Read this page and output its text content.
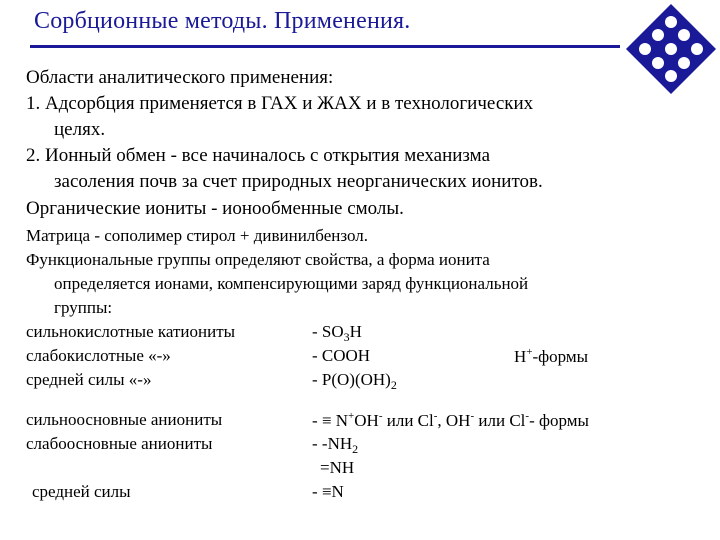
Сорбционные методы. Применения.
Области аналитического применения:
1. Адсорбция применяется в ГАХ и ЖАХ и в технологических
целях.
2. Ионный обмен - все начиналось с открытия механизма
засоления почв за счет природных неорганических ионитов.
Органические иониты - ионообменные смолы.
Матрица - сополимер стирол + дивинилбензол.
Функциональные группы определяют свойства, а форма ионита
определяется ионами, компенсирующими заряд функциональной
группы:
сильнокислотные катиониты	- $SO_3H$
слабокислотные «-»	- COOH	H+-формы
средней силы «-»	- $P(O)(OH)_2$
сильноосновные аниониты	- ≡ N+OH- или Cl-, OH- или Cl-- формы
слабоосновные аниониты	- $-NH_2$
=NH
средней силы	- ≡N
